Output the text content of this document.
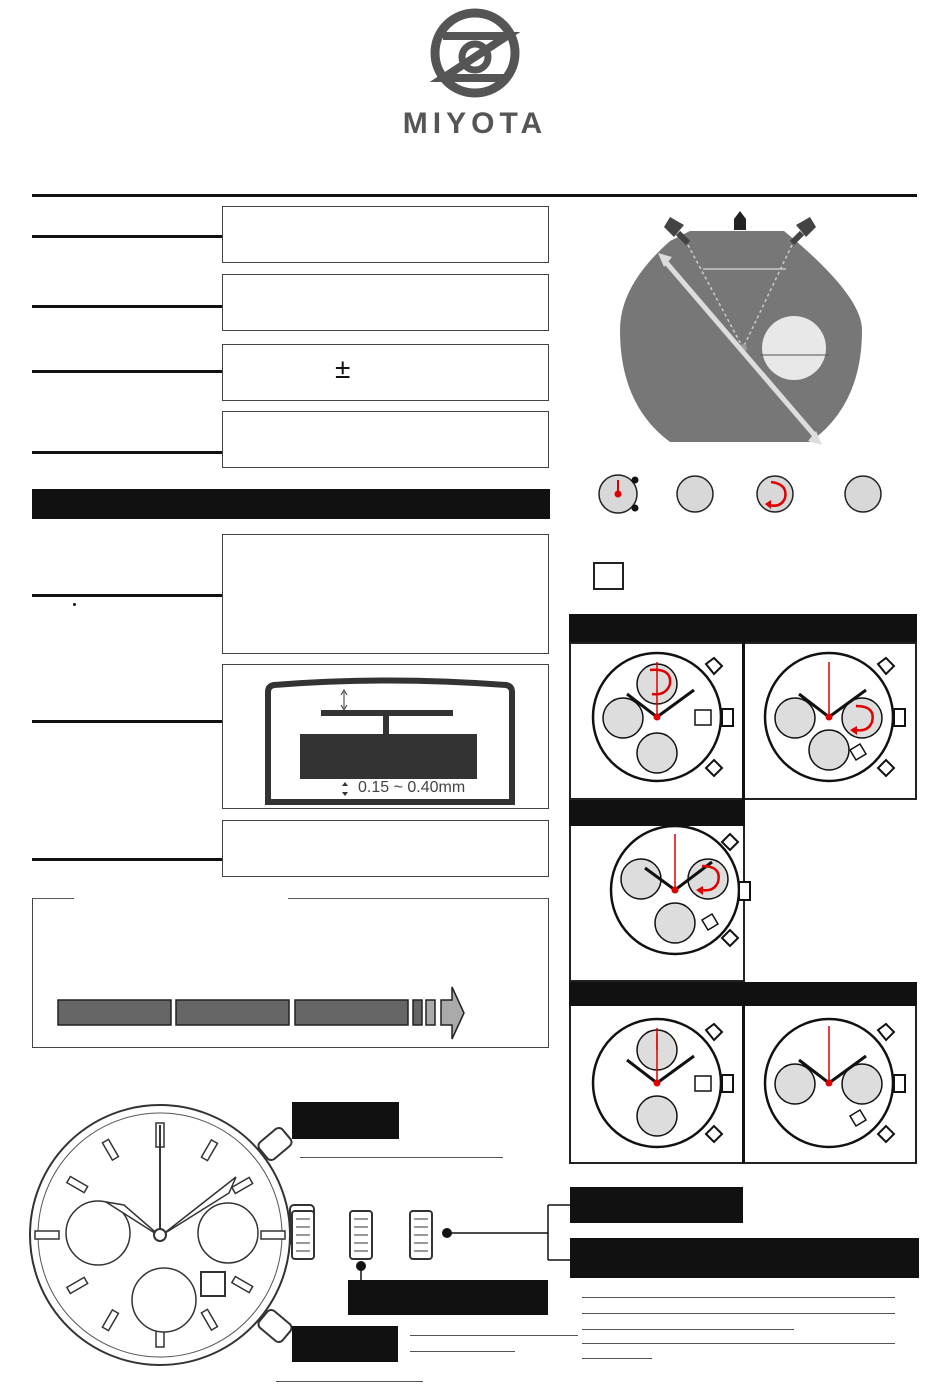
MIYOTA
±
0.15 ~ 0.40mm
